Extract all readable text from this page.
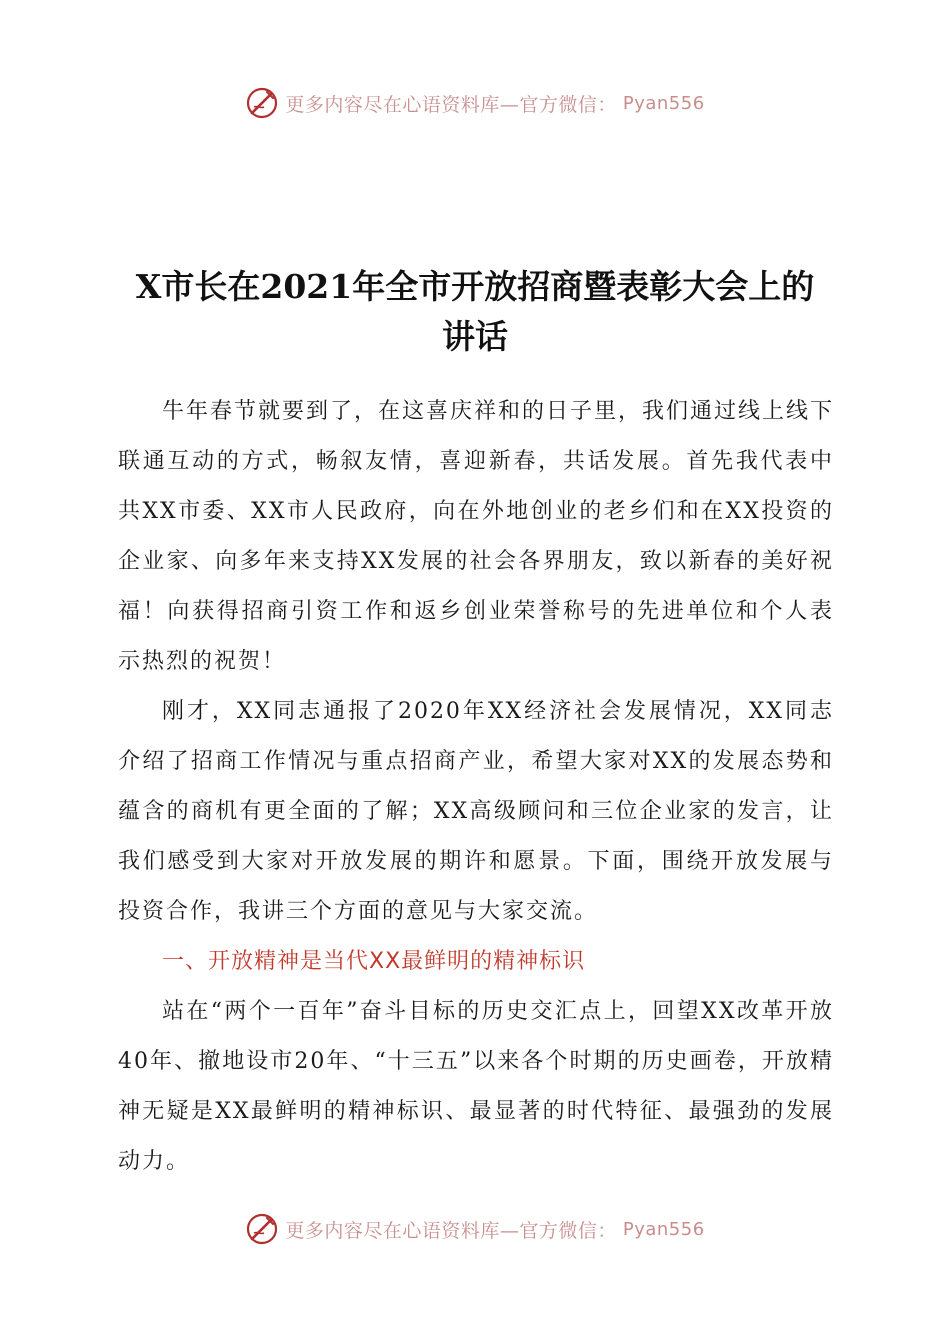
更多内容尽在心语资料库—官方微信： Pyan556
X市长在2021年全市开放招商暨表彰大会上的
讲话

牛年春节就要到了，在这喜庆祥和的日子里，我们通过线上线下联通互动的方式，畅叙友情，喜迎新春，共话发展。首先我代表中共XX市委、XX市人民政府，向在外地创业的老乡们和在XX投资的企业家、向多年来支持XX发展的社会各界朋友，致以新春的美好祝福！向获得招商引资工作和返乡创业荣誉称号的先进单位和个人表示热烈的祝贺！

刚才，XX同志通报了2020年XX经济社会发展情况，XX同志介绍了招商工作情况与重点招商产业，希望大家对XX的发展态势和蕴含的商机有更全面的了解；XX高级顾问和三位企业家的发言，让我们感受到大家对开放发展的期许和愿景。下面，围绕开放发展与投资合作，我讲三个方面的意见与大家交流。

一、开放精神是当代XX最鲜明的精神标识

站在“两个一百年”奋斗目标的历史交汇点上，回望XX改革开放40年、撤地设市20年、“十三五”以来各个时期的历史画卷，开放精神无疑是XX最鲜明的精神标识、最显著的时代特征、最强劲的发展动力。

更多内容尽在心语资料库—官方微信： Pyan556
